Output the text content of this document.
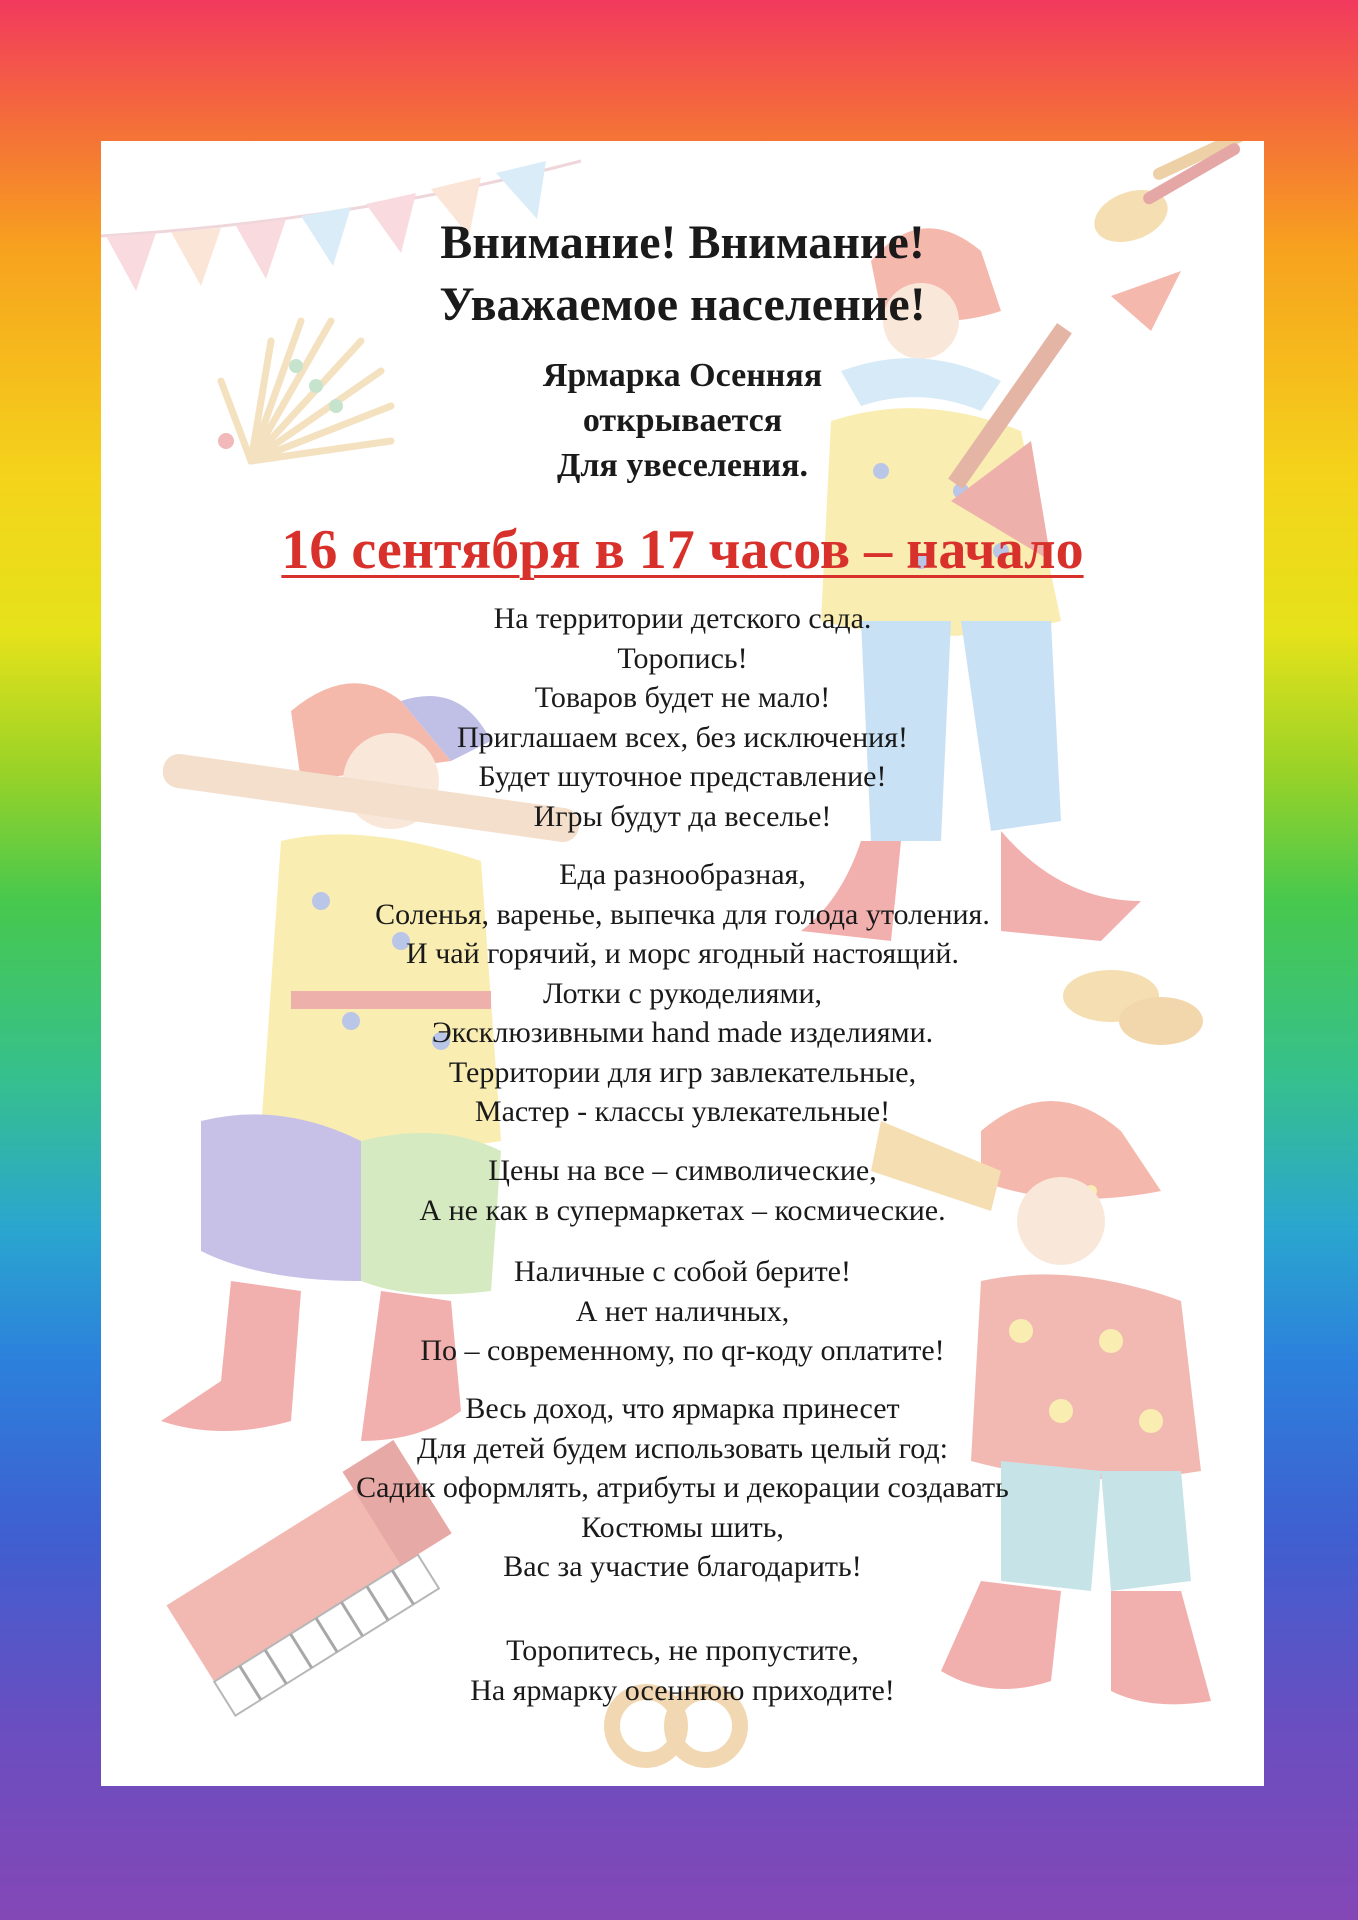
Внимание! Внимание!
Уважаемое население!
Ярмарка Осенняя
открывается
Для увеселения.
16 сентября в 17 часов – начало
На территории детского сада.
Торопись!
Товаров будет не мало!
Приглашаем всех, без исключения!
Будет шуточное представление!
Игры будут да веселье!
Еда разнообразная,
Соленья, варенье, выпечка для голода утоления.
И чай горячий, и морс ягодный настоящий.
Лотки с рукоделиями,
Эксклюзивными hand made изделиями.
Территории для игр завлекательные,
Мастер - классы увлекательные!
Цены на все – символические,
А не как в супермаркетах – космические.
Наличные с собой берите!
А нет наличных,
По – современному, по qr-коду оплатите!
Весь доход, что ярмарка принесет
Для детей будем использовать целый год:
Садик оформлять, атрибуты и декорации создавать
Костюмы шить,
Вас за участие благодарить!
Торопитесь, не пропустите,
На ярмарку осеннюю приходите!
